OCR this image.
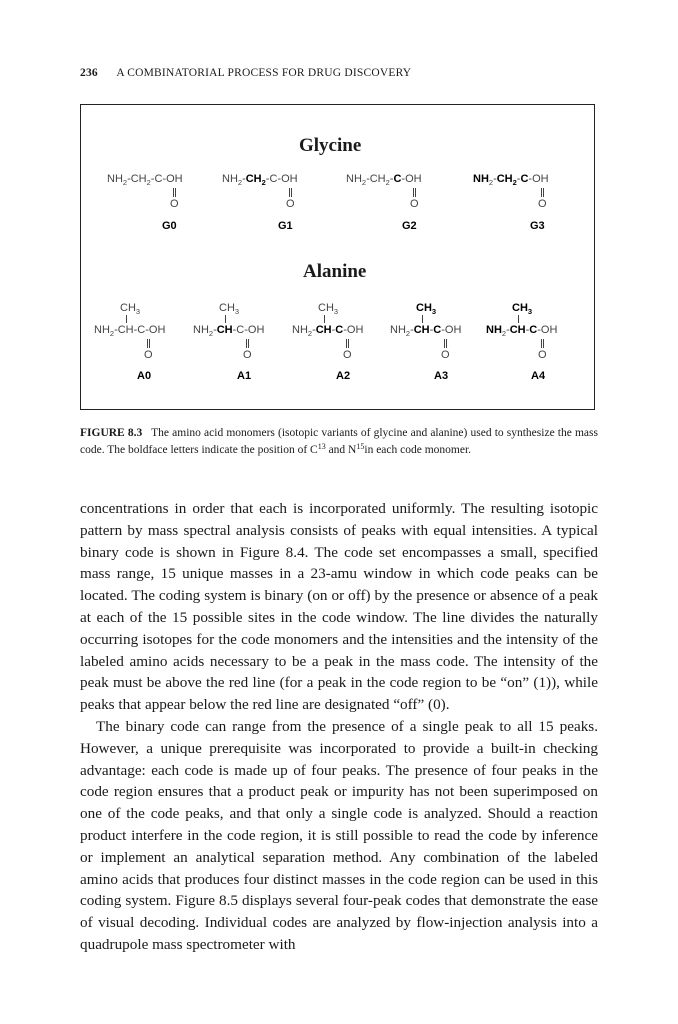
236 A COMBINATORIAL PROCESS FOR DRUG DISCOVERY
Glycine
Alanine
$NH_2-CH_2-C-OH$
O
G0
$NH_2-CH_2-C-OH$
O
G1
$NH_2-CH_2-C-OH$
O
G2
$NH_2-CH_2-C-OH$
O
G3
$CH_3$
$NH_2-CH-C-OH$
O
A0
$CH_3$
$NH_2-CH-C-OH$
O
A1
$CH_3$
$NH_2-CH-C-OH$
O
A2
$CH_3$
$NH_2-CH-C-OH$
O
A3
$CH_3$
$NH_2-CH-C-OH$
O
A4
FIGURE 8.3 The amino acid monomers (isotopic variants of glycine and alanine) used to synthesize the mass code. The boldface letters indicate the position of $C^{13}$ and $N^{15}in$ each code monomer.

concentrations in order that each is incorporated uniformly. The resulting isotopic pattern by mass spectral analysis consists of peaks with equal intensities. A typical binary code is shown in Figure 8.4. The code set encompasses a small, specified mass range, 15 unique masses in a 23-amu window in which code peaks can be located. The coding system is binary (on or off) by the presence or absence of a peak at each of the 15 possible sites in the code window. The line divides the naturally occurring isotopes for the code monomers and the intensities and the intensity of the labeled amino acids necessary to be a peak in the mass code. The intensity of the peak must be above the red line (for a peak in the code region to be “on” (1)), while peaks that appear below the red line are designated “off” (0).

The binary code can range from the presence of a single peak to all 15 peaks. However, a unique prerequisite was incorporated to provide a built-in checking advantage: each code is made up of four peaks. The presence of four peaks in the code region ensures that a product peak or impurity has not been superimposed on one of the code peaks, and that only a single code is analyzed. Should a reaction product interfere in the code region, it is still possible to read the code by inference or implement an analytical separation method. Any combination of the labeled amino acids that produces four distinct masses in the code region can be used in this coding system. Figure 8.5 displays several four-peak codes that demonstrate the ease of visual decoding. Individual codes are analyzed by flow-injection analysis into a quadrupole mass spectrometer with
